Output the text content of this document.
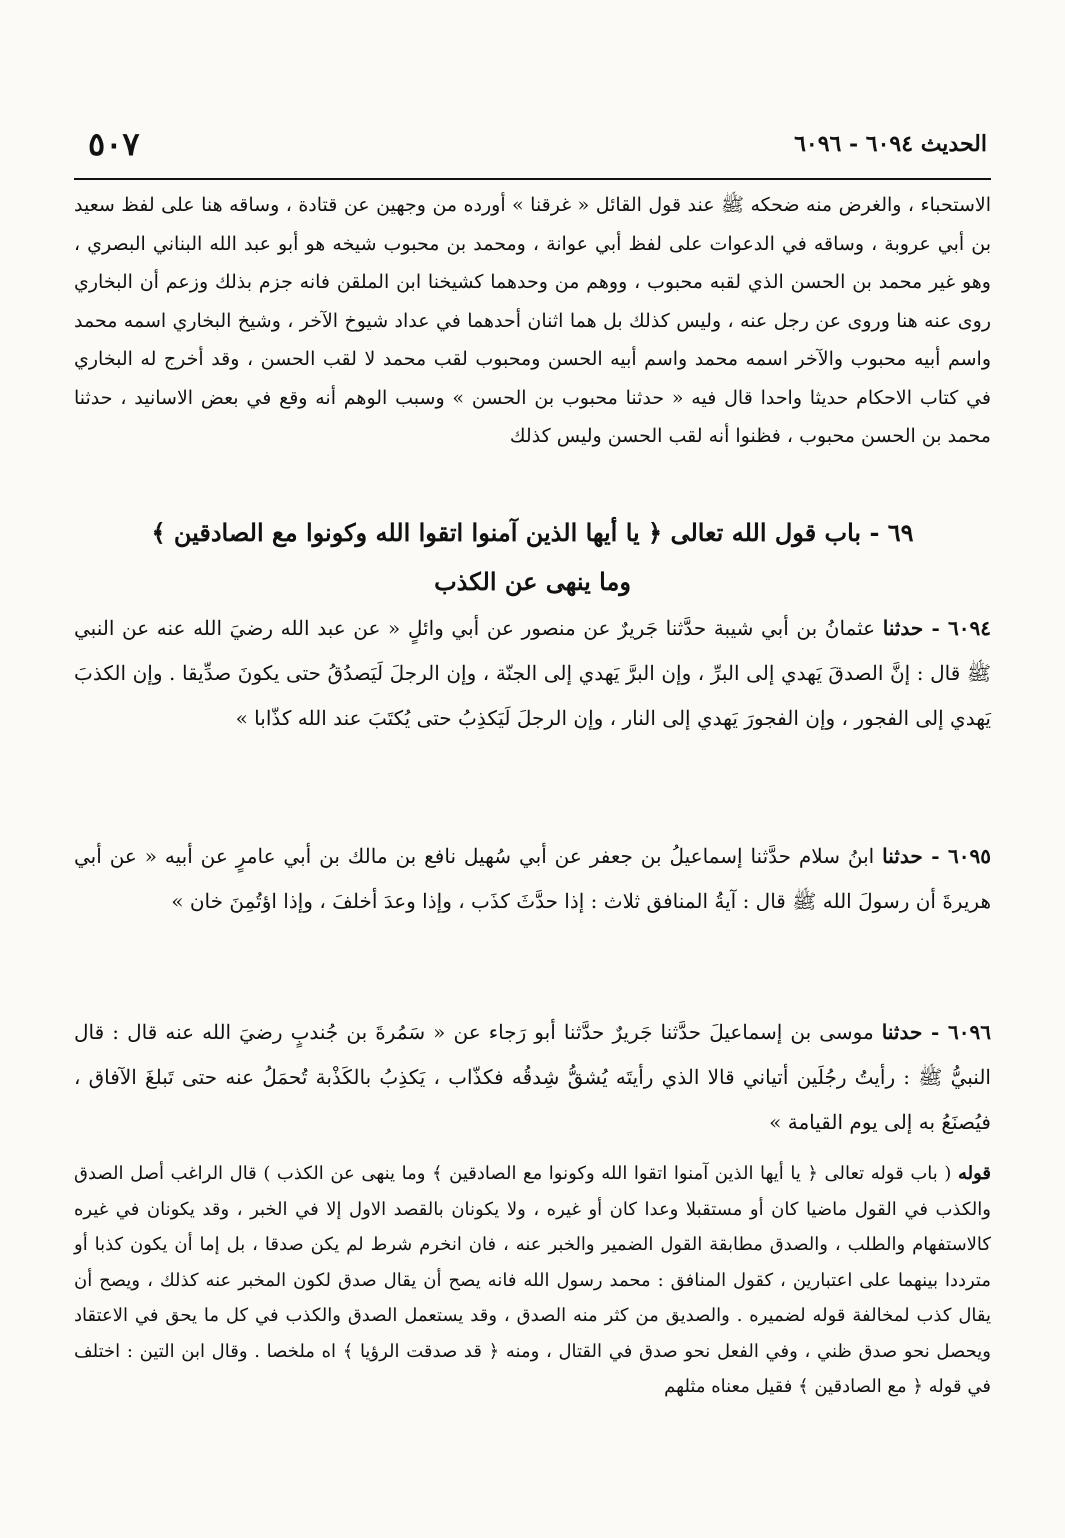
الحديث ٦٠٩٤ - ٦٠٩٦
٥٠٧
الاستحباء ، والغرض منه ضحكه ﷺ عند قول القائل « غرقنا » أورده من وجهين عن قتادة ، وساقه هنا على لفظ سعيد بن أبي عروبة ، وساقه في الدعوات على لفظ أبي عوانة ، ومحمد بن محبوب شيخه هو أبو عبد الله البناني البصري ، وهو غير محمد بن الحسن الذي لقبه محبوب ، ووهم من وحدهما كشيخنا ابن الملقن فانه جزم بذلك وزعم أن البخاري روى عنه هنا وروى عن رجل عنه ، وليس كذلك بل هما اثنان أحدهما في عداد شيوخ الآخر ، وشيخ البخاري اسمه محمد واسم أبيه محبوب والآخر اسمه محمد واسم أبيه الحسن ومحبوب لقب محمد لا لقب الحسن ، وقد أخرج له البخاري في كتاب الاحكام حديثا واحدا قال فيه « حدثنا محبوب بن الحسن » وسبب الوهم أنه وقع في بعض الاسانيد ، حدثنا محمد بن الحسن محبوب ، فظنوا أنه لقب الحسن وليس كذلك
٦٩ - باب قول الله تعالى ﴿ يا أيها الذين آمنوا اتقوا الله وكونوا مع الصادقين ﴾
وما ينهى عن الكذب
٦٠٩٤ - حدثنا عثمانُ بن أبي شيبة حدَّثنا جَريرٌ عن منصور عن أبي وائلٍ « عن عبد الله رضيَ الله عنه عن النبي ﷺ قال : إنَّ الصدقَ يَهدي إلى البرِّ ، وإن البرَّ يَهدي إلى الجنّة ، وإن الرجلَ لَيَصدُقُ حتى يكونَ صدِّيقا . وإن الكذبَ يَهدي إلى الفجور ، وإن الفجورَ يَهدي إلى النار ، وإن الرجلَ لَيَكذِبُ حتى يُكتَبَ عند الله كذّابا »
٦٠٩٥ - حدثنا ابنُ سلام حدَّثنا إسماعيلُ بن جعفر عن أبي سُهيل نافع بن مالك بن أبي عامرٍ عن أبيه « عن أبي هريرةَ أن رسولَ الله ﷺ قال : آيةُ المنافق ثلاث : إذا حدَّثَ كذَب ، وإذا وعدَ أخلفَ ، وإذا اؤتُمِنَ خان »
٦٠٩٦ - حدثنا موسى بن إسماعيلَ حدَّثنا جَريرٌ حدَّثنا أبو رَجاء عن « سَمُرةَ بن جُندبٍ رضيَ الله عنه قال : قال النبيُّ ﷺ : رأيتُ رجُلَين أتياني قالا الذي رأيتَه يُشقُّ شِدقُه فكذّاب ، يَكذِبُ بالكَذْبة تُحمَلُ عنه حتى تَبلغَ الآفاق ، فيُصنَعُ به إلى يوم القيامة »
قوله ( باب قوله تعالى ﴿ يا أيها الذين آمنوا اتقوا الله وكونوا مع الصادقين ﴾ وما ينهى عن الكذب ) قال الراغب أصل الصدق والكذب في القول ماضيا كان أو مستقبلا وعدا كان أو غيره ، ولا يكونان بالقصد الاول إلا في الخبر ، وقد يكونان في غيره كالاستفهام والطلب ، والصدق مطابقة القول الضمير والخبر عنه ، فان انخرم شرط لم يكن صدقا ، بل إما أن يكون كذبا أو مترددا بينهما على اعتبارين ، كقول المنافق : محمد رسول الله فانه يصح أن يقال صدق لكون المخبر عنه كذلك ، ويصح أن يقال كذب لمخالفة قوله لضميره . والصديق من كثر منه الصدق ، وقد يستعمل الصدق والكذب في كل ما يحق في الاعتقاد ويحصل نحو صدق ظني ، وفي الفعل نحو صدق في القتال ، ومنه ﴿ قد صدقت الرؤيا ﴾ اه ملخصا . وقال ابن التين : اختلف في قوله ﴿ مع الصادقين ﴾ فقيل معناه مثلهم
